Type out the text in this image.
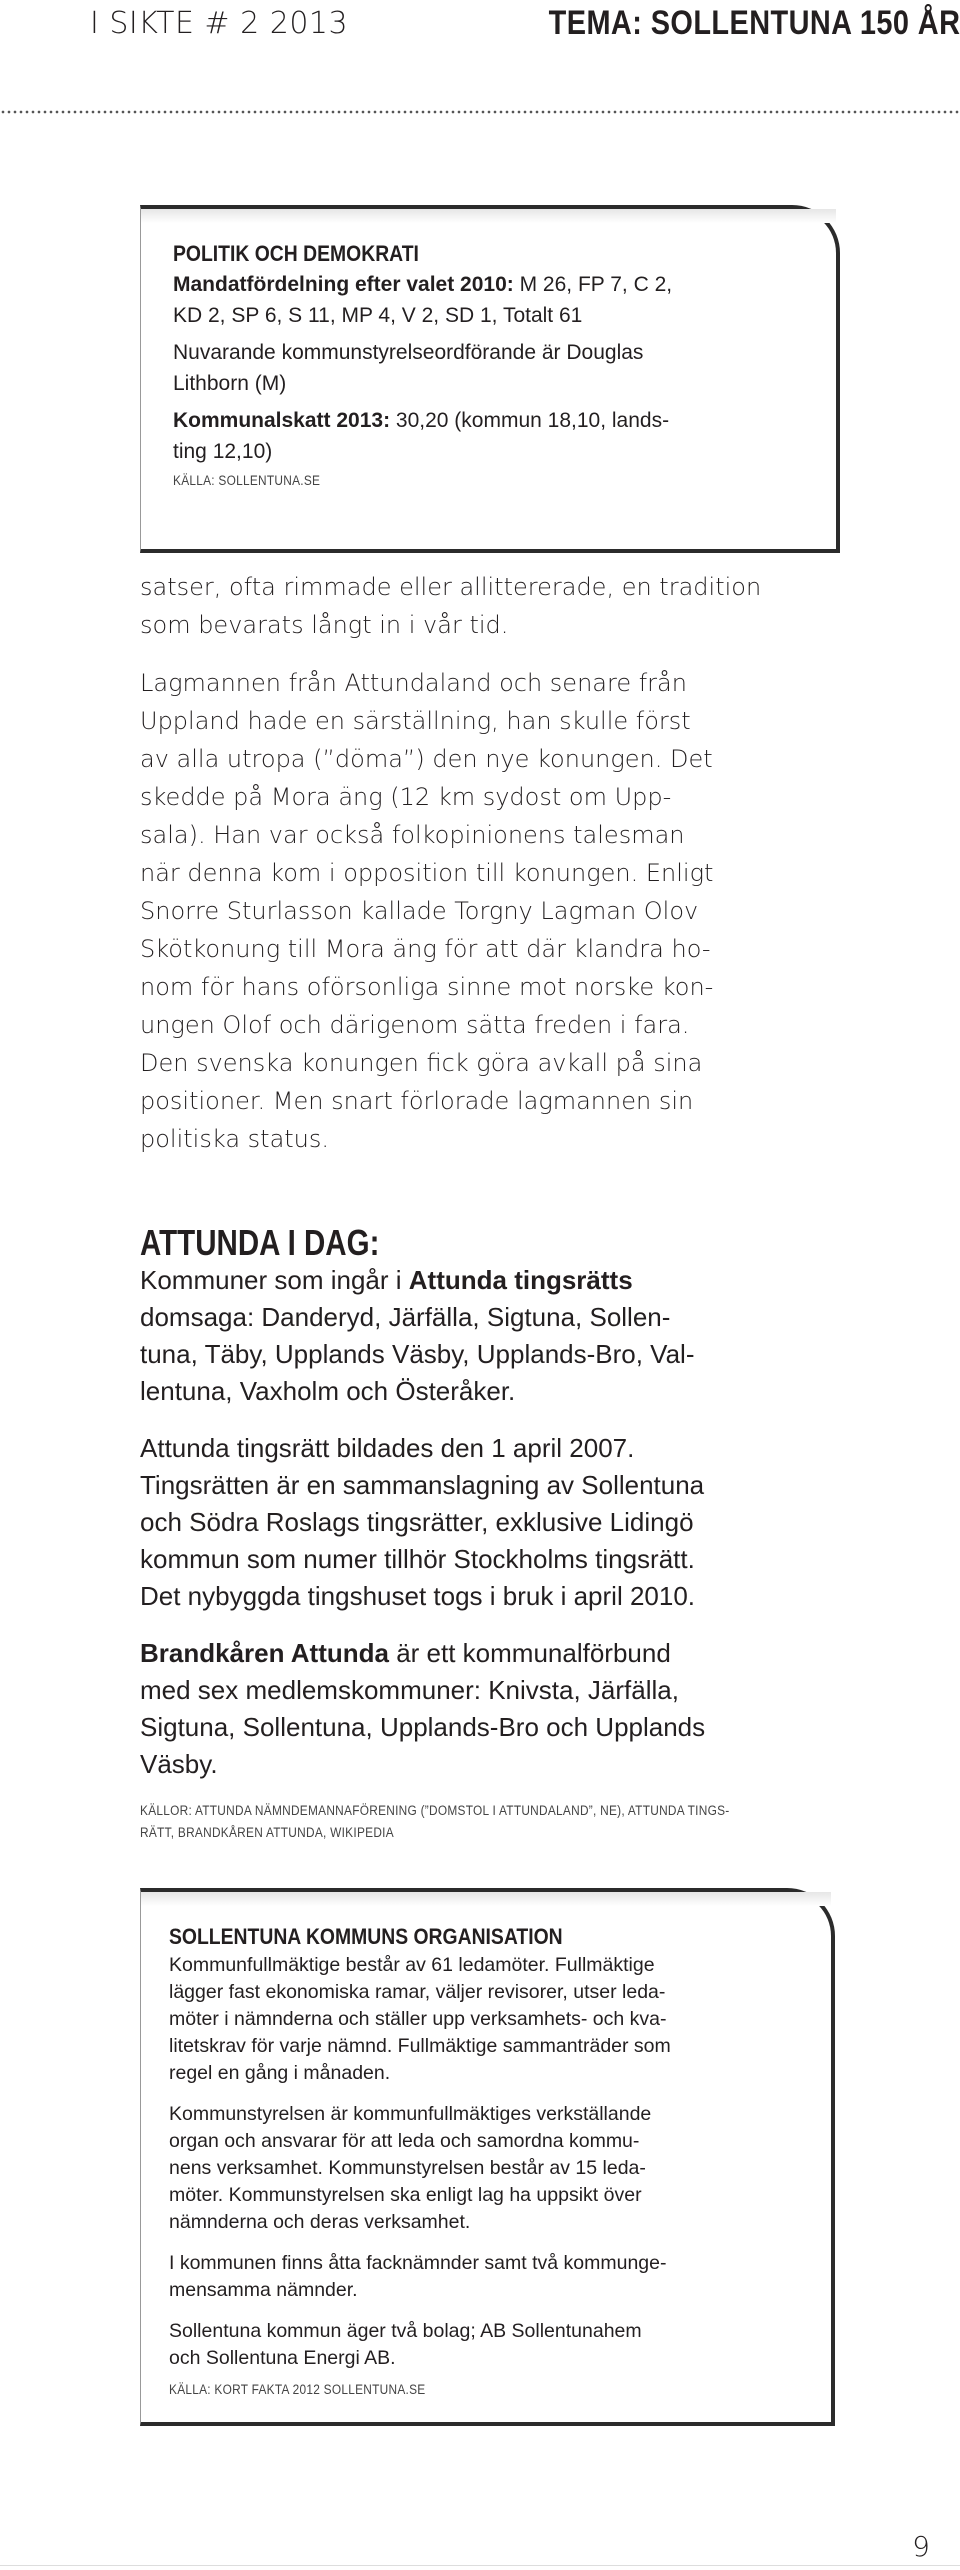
I SIKTE # 2 2013	TEMA: SOLLENTUNA 150 ÅR
POLITIK OCH DEMOKRATI
Mandatfördelning efter valet 2010: M 26, FP 7, C 2,
KD 2, SP 6, S 11, MP 4, V 2, SD 1, Totalt 61
Nuvarande kommunstyrelseordförande är Douglas
Lithborn (M)
Kommunalskatt 2013: 30,20 (kommun 18,10, lands-
ting 12,10)
KÄLLA: SOLLENTUNA.SE

satser, ofta rimmade eller allittererade, en tradition
som bevarats långt in i vår tid.

Lagmannen från Attundaland och senare från
Uppland hade en särställning, han skulle först
av alla utropa (”döma”) den nye konungen. Det
skedde på Mora äng (12 km sydost om Upp-
sala). Han var också folkopinionens talesman
när denna kom i opposition till konungen. Enligt
Snorre Sturlasson kallade Torgny Lagman Olov
Skötkonung till Mora äng för att där klandra ho-
nom för hans oförsonliga sinne mot norske kon-
ungen Olof och därigenom sätta freden i fara.
Den svenska konungen fick göra avkall på sina
positioner. Men snart förlorade lagmannen sin
politiska status.

ATTUNDA I DAG:

Kommuner som ingår i Attunda tingsrätts
domsaga: Danderyd, Järfälla, Sigtuna, Sollen-
tuna, Täby, Upplands Väsby, Upplands-Bro, Val-
lentuna, Vaxholm och Österåker.

Attunda tingsrätt bildades den 1 april 2007.
Tingsrätten är en sammanslagning av Sollentuna
och Södra Roslags tingsrätter, exklusive Lidingö
kommun som numer tillhör Stockholms tingsrätt.
Det nybyggda tingshuset togs i bruk i april 2010.

Brandkåren Attunda är ett kommunalförbund
med sex medlemskommuner: Knivsta, Järfälla,
Sigtuna, Sollentuna, Upplands-Bro och Upplands
Väsby.

KÄLLOR: ATTUNDA NÄMNDEMANNAFÖRENING (”DOMSTOL I ATTUNDALAND”, NE), ATTUNDA TINGS-
RÄTT, BRANDKÅREN ATTUNDA, WIKIPEDIA
SOLLENTUNA KOMMUNS ORGANISATION
Kommunfullmäktige består av 61 ledamöter. Fullmäktige
lägger fast ekonomiska ramar, väljer revisorer, utser leda-
möter i nämnderna och ställer upp verksamhets- och kva-
litetskrav för varje nämnd. Fullmäktige sammanträder som
regel en gång i månaden.
Kommunstyrelsen är kommunfullmäktiges verkställande
organ och ansvarar för att leda och samordna kommu-
nens verksamhet. Kommunstyrelsen består av 15 leda-
möter. Kommunstyrelsen ska enligt lag ha uppsikt över
nämnderna och deras verksamhet.
I kommunen finns åtta facknämnder samt två kommunge-
mensamma nämnder.
Sollentuna kommun äger två bolag; AB Sollentunahem
och Sollentuna Energi AB.
KÄLLA: KORT FAKTA 2012 SOLLENTUNA.SE
9
